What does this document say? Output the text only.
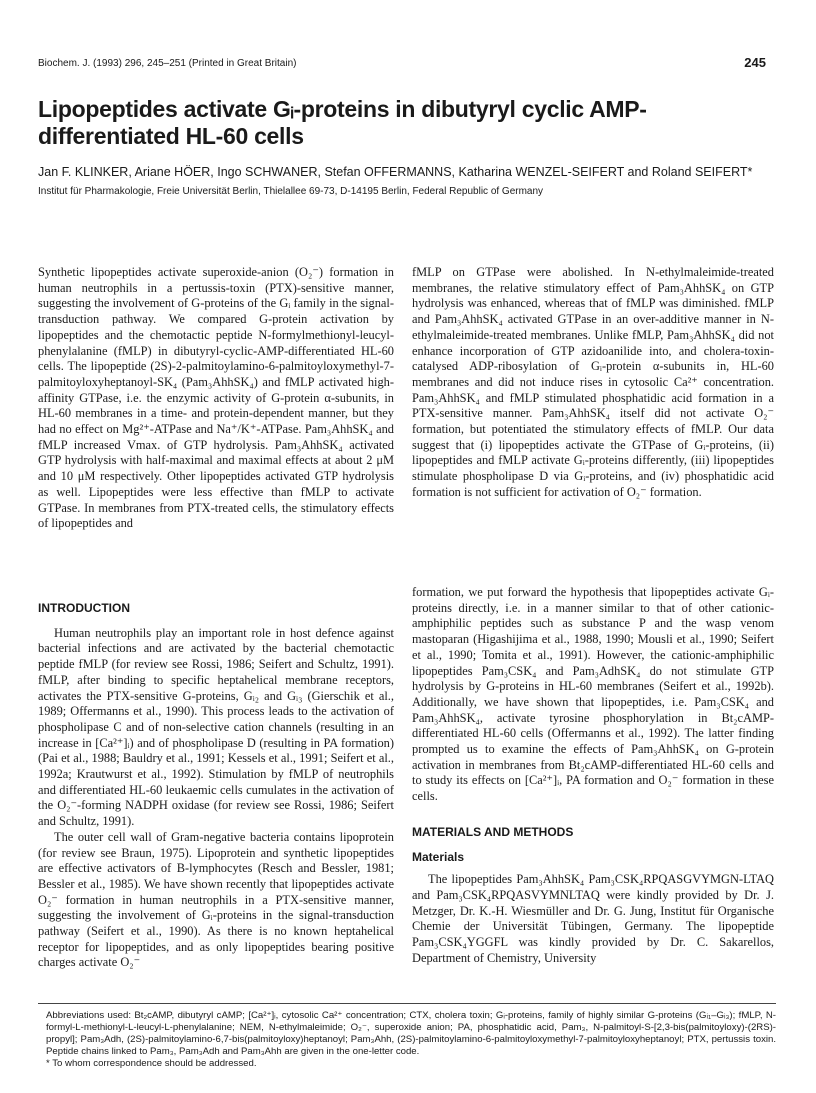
Biochem. J. (1993) 296, 245–251 (Printed in Great Britain)	245
Lipopeptides activate Gᵢ-proteins in dibutyryl cyclic AMP-differentiated HL-60 cells
Jan F. KLINKER, Ariane HÖER, Ingo SCHWANER, Stefan OFFERMANNS, Katharina WENZEL-SEIFERT and Roland SEIFERT*
Institut für Pharmakologie, Freie Universität Berlin, Thielallee 69-73, D-14195 Berlin, Federal Republic of Germany

Synthetic lipopeptides activate superoxide-anion (O₂⁻) formation in human neutrophils in a pertussis-toxin (PTX)-sensitive manner, suggesting the involvement of G-proteins of the Gᵢ family in the signal-transduction pathway. We compared G-protein activation by lipopeptides and the chemotactic peptide N-formylmethionyl-leucyl-phenylalanine (fMLP) in dibutyryl-cyclic-AMP-differentiated HL-60 cells. The lipopeptide (2S)-2-palmitoylamino-6-palmitoyloxymethyl-7-palmitoyloxyheptanoyl-SK₄ (Pam₃AhhSK₄) and fMLP activated high-affinity GTPase, i.e. the enzymic activity of G-protein α-subunits, in HL-60 membranes in a time- and protein-dependent manner, but they had no effect on Mg²⁺-ATPase and Na⁺/K⁺-ATPase. Pam₃AhhSK₄ and fMLP increased Vmax. of GTP hydrolysis. Pam₃AhhSK₄ activated GTP hydrolysis with half-maximal and maximal effects at about 2 μM and 10 μM respectively. Other lipopeptides activated GTP hydrolysis as well. Lipopeptides were less effective than fMLP to activate GTPase. In membranes from PTX-treated cells, the stimulatory effects of lipopeptides and

fMLP on GTPase were abolished. In N-ethylmaleimide-treated membranes, the relative stimulatory effect of Pam₃AhhSK₄ on GTP hydrolysis was enhanced, whereas that of fMLP was diminished. fMLP and Pam₃AhhSK₄ activated GTPase in an over-additive manner in N-ethylmaleimide-treated membranes. Unlike fMLP, Pam₃AhhSK₄ did not enhance incorporation of GTP azidoanilide into, and cholera-toxin-catalysed ADP-ribosylation of Gᵢ-protein α-subunits in, HL-60 membranes and did not induce rises in cytosolic Ca²⁺ concentration. Pam₃AhhSK₄ and fMLP stimulated phosphatidic acid formation in a PTX-sensitive manner. Pam₃AhhSK₄ itself did not activate O₂⁻ formation, but potentiated the stimulatory effects of fMLP. Our data suggest that (i) lipopeptides activate the GTPase of Gᵢ-proteins, (ii) lipopeptides and fMLP activate Gᵢ-proteins differently, (iii) lipopeptides stimulate phospholipase D via Gᵢ-proteins, and (iv) phosphatidic acid formation is not sufficient for activation of O₂⁻ formation.

INTRODUCTION

Human neutrophils play an important role in host defence against bacterial infections and are activated by the bacterial chemotactic peptide fMLP (for review see Rossi, 1986; Seifert and Schultz, 1991). fMLP, after binding to specific heptahelical membrane receptors, activates the PTX-sensitive G-proteins, Gᵢ₂ and Gᵢ₃ (Gierschik et al., 1989; Offermanns et al., 1990). This process leads to the activation of phospholipase C and of non-selective cation channels (resulting in an increase in [Ca²⁺]ᵢ) and of phospholipase D (resulting in PA formation) (Pai et al., 1988; Bauldry et al., 1991; Kessels et al., 1991; Seifert et al., 1992a; Krautwurst et al., 1992). Stimulation by fMLP of neutrophils and differentiated HL-60 leukaemic cells cumulates in the activation of the O₂⁻-forming NADPH oxidase (for review see Rossi, 1986; Seifert and Schultz, 1991).

The outer cell wall of Gram-negative bacteria contains lipoprotein (for review see Braun, 1975). Lipoprotein and synthetic lipopeptides are effective activators of B-lymphocytes (Resch and Bessler, 1981; Bessler et al., 1985). We have shown recently that lipopeptides activate O₂⁻ formation in human neutrophils in a PTX-sensitive manner, suggesting the involvement of Gᵢ-proteins in the signal-transduction pathway (Seifert et al., 1990). As there is no known heptahelical receptor for lipopeptides, and as only lipopeptides bearing positive charges activate O₂⁻

formation, we put forward the hypothesis that lipopeptides activate Gᵢ-proteins directly, i.e. in a manner similar to that of other cationic-amphiphilic peptides such as substance P and the wasp venom mastoparan (Higashijima et al., 1988, 1990; Mousli et al., 1990; Seifert et al., 1990; Tomita et al., 1991). However, the cationic-amphiphilic lipopeptides Pam₃CSK₄ and Pam₃AdhSK₄ do not stimulate GTP hydrolysis by G-proteins in HL-60 membranes (Seifert et al., 1992b). Additionally, we have shown that lipopeptides, i.e. Pam₃CSK₄ and Pam₃AhhSK₄, activate tyrosine phosphorylation in Bt₂cAMP-differentiated HL-60 cells (Offermanns et al., 1992). The latter finding prompted us to examine the effects of Pam₃AhhSK₄ on G-protein activation in membranes from Bt₂cAMP-differentiated HL-60 cells and to study its effects on [Ca²⁺]ᵢ, PA formation and O₂⁻ formation in these cells.

MATERIALS AND METHODS

Materials

The lipopeptides Pam₃AhhSK₄ Pam₃CSK₄RPQASGVYMGN-LTAQ and Pam₃CSK₄RPQASVYMNLTAQ were kindly provided by Dr. J. Metzger, Dr. K.-H. Wiesmüller and Dr. G. Jung, Institut für Organische Chemie der Universität Tübingen, Germany. The lipopeptide Pam₃CSK₄YGGFL was kindly provided by Dr. C. Sakarellos, Department of Chemistry, University

Abbreviations used: Bt₂cAMP, dibutyryl cAMP; [Ca²⁺]ᵢ, cytosolic Ca²⁺ concentration; CTX, cholera toxin; Gᵢ-proteins, family of highly similar G-proteins (Gᵢ₁–Gᵢ₃); fMLP, N-formyl-L-methionyl-L-leucyl-L-phenylalanine; NEM, N-ethylmaleimide; O₂⁻, superoxide anion; PA, phosphatidic acid, Pam₃, N-palmitoyl-S-[2,3-bis(palmitoyloxy)-(2RS)-propyl]; Pam₃Adh, (2S)-palmitoylamino-6,7-bis(palmitoyloxy)heptanoyl; Pam₃Ahh, (2S)-palmitoylamino-6-palmitoyloxymethyl-7-palmitoyloxyheptanoyl; PTX, pertussis toxin. Peptide chains linked to Pam₃, Pam₃Adh and Pam₃Ahh are given in the one-letter code.

* To whom correspondence should be addressed.
